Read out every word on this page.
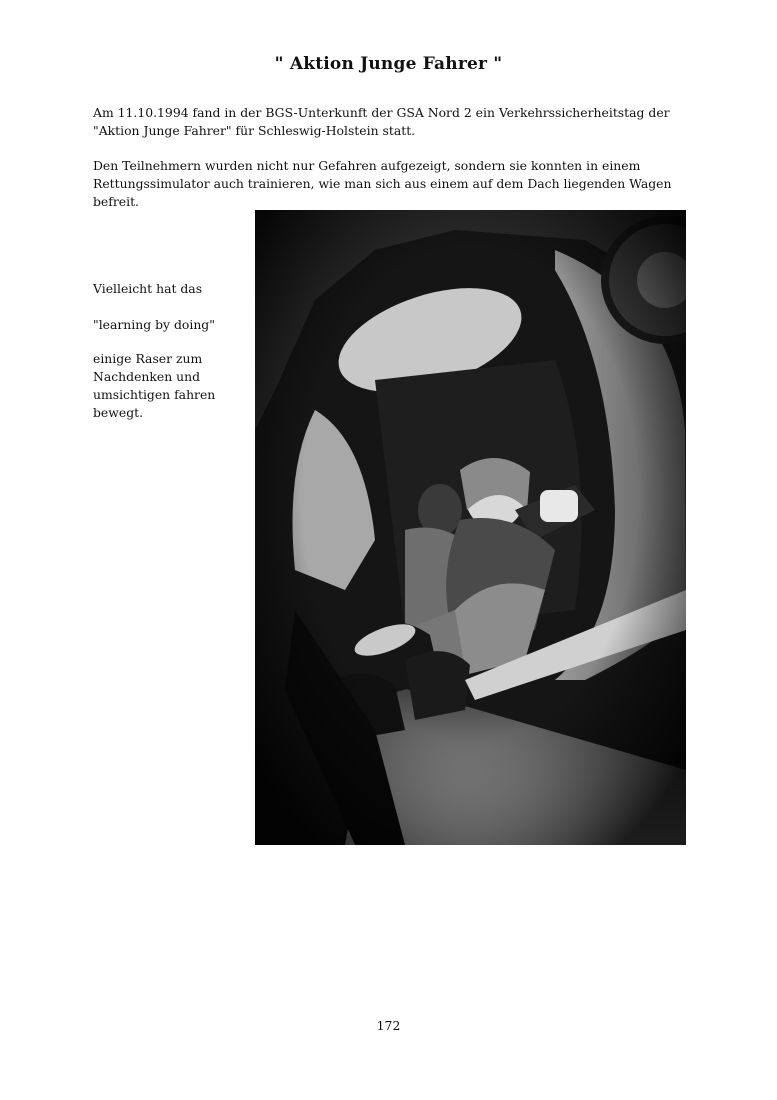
" Aktion Junge Fahrer "
Am 11.10.1994 fand in der BGS-Unterkunft der GSA Nord 2 ein Verkehrssicherheitstag der "Aktion Junge Fahrer" für Schleswig-Holstein statt.
Den Teilnehmern wurden nicht nur Gefahren aufgezeigt, sondern sie konnten in einem Rettungssimulator auch trainieren, wie man sich aus einem auf dem Dach liegenden Wagen befreit.
Vielleicht hat das
"learning by doing"
einige Raser zum Nachdenken und umsichtigen fahren bewegt.
172
